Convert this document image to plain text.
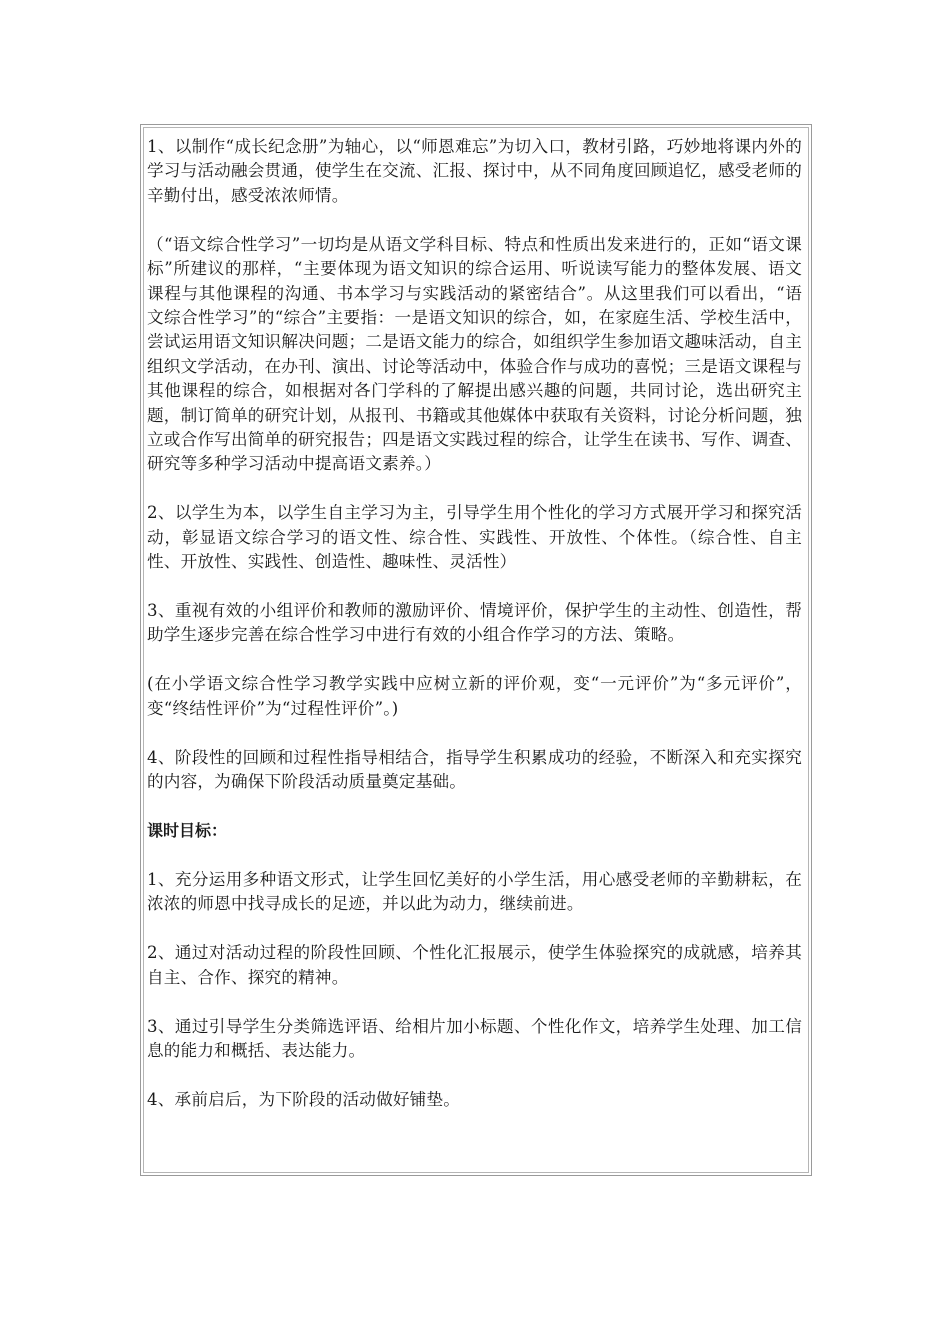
1、以制作“成长纪念册”为轴心，以“师恩难忘”为切入口，教材引路，巧妙地将课内外的学习与活动融会贯通，使学生在交流、汇报、探讨中，从不同角度回顾追忆，感受老师的辛勤付出，感受浓浓师情。

（“语文综合性学习”一切均是从语文学科目标、特点和性质出发来进行的，正如“语文课标”所建议的那样，“主要体现为语文知识的综合运用、听说读写能力的整体发展、语文课程与其他课程的沟通、书本学习与实践活动的紧密结合”。从这里我们可以看出，“语文综合性学习”的“综合”主要指：一是语文知识的综合，如，在家庭生活、学校生活中，尝试运用语文知识解决问题；二是语文能力的综合，如组织学生参加语文趣味活动，自主组织文学活动，在办刊、演出、讨论等活动中，体验合作与成功的喜悦；三是语文课程与其他课程的综合，如根据对各门学科的了解提出感兴趣的问题，共同讨论，选出研究主题，制订简单的研究计划，从报刊、书籍或其他媒体中获取有关资料，讨论分析问题，独立或合作写出简单的研究报告；四是语文实践过程的综合，让学生在读书、写作、调查、研究等多种学习活动中提高语文素养。）

2、以学生为本，以学生自主学习为主，引导学生用个性化的学习方式展开学习和探究活动，彰显语文综合学习的语文性、综合性、实践性、开放性、个体性。（综合性、自主性、开放性、实践性、创造性、趣味性、灵活性）

3、重视有效的小组评价和教师的激励评价、情境评价，保护学生的主动性、创造性，帮助学生逐步完善在综合性学习中进行有效的小组合作学习的方法、策略。

(在小学语文综合性学习教学实践中应树立新的评价观，变“一元评价”为“多元评价”，变“终结性评价”为“过程性评价”。)

4、阶段性的回顾和过程性指导相结合，指导学生积累成功的经验，不断深入和充实探究的内容，为确保下阶段活动质量奠定基础。

课时目标：

1、充分运用多种语文形式，让学生回忆美好的小学生活，用心感受老师的辛勤耕耘，在浓浓的师恩中找寻成长的足迹，并以此为动力，继续前进。

2、通过对活动过程的阶段性回顾、个性化汇报展示，使学生体验探究的成就感，培养其自主、合作、探究的精神。

3、通过引导学生分类筛选评语、给相片加小标题、个性化作文，培养学生处理、加工信息的能力和概括、表达能力。

4、承前启后，为下阶段的活动做好铺垫。
